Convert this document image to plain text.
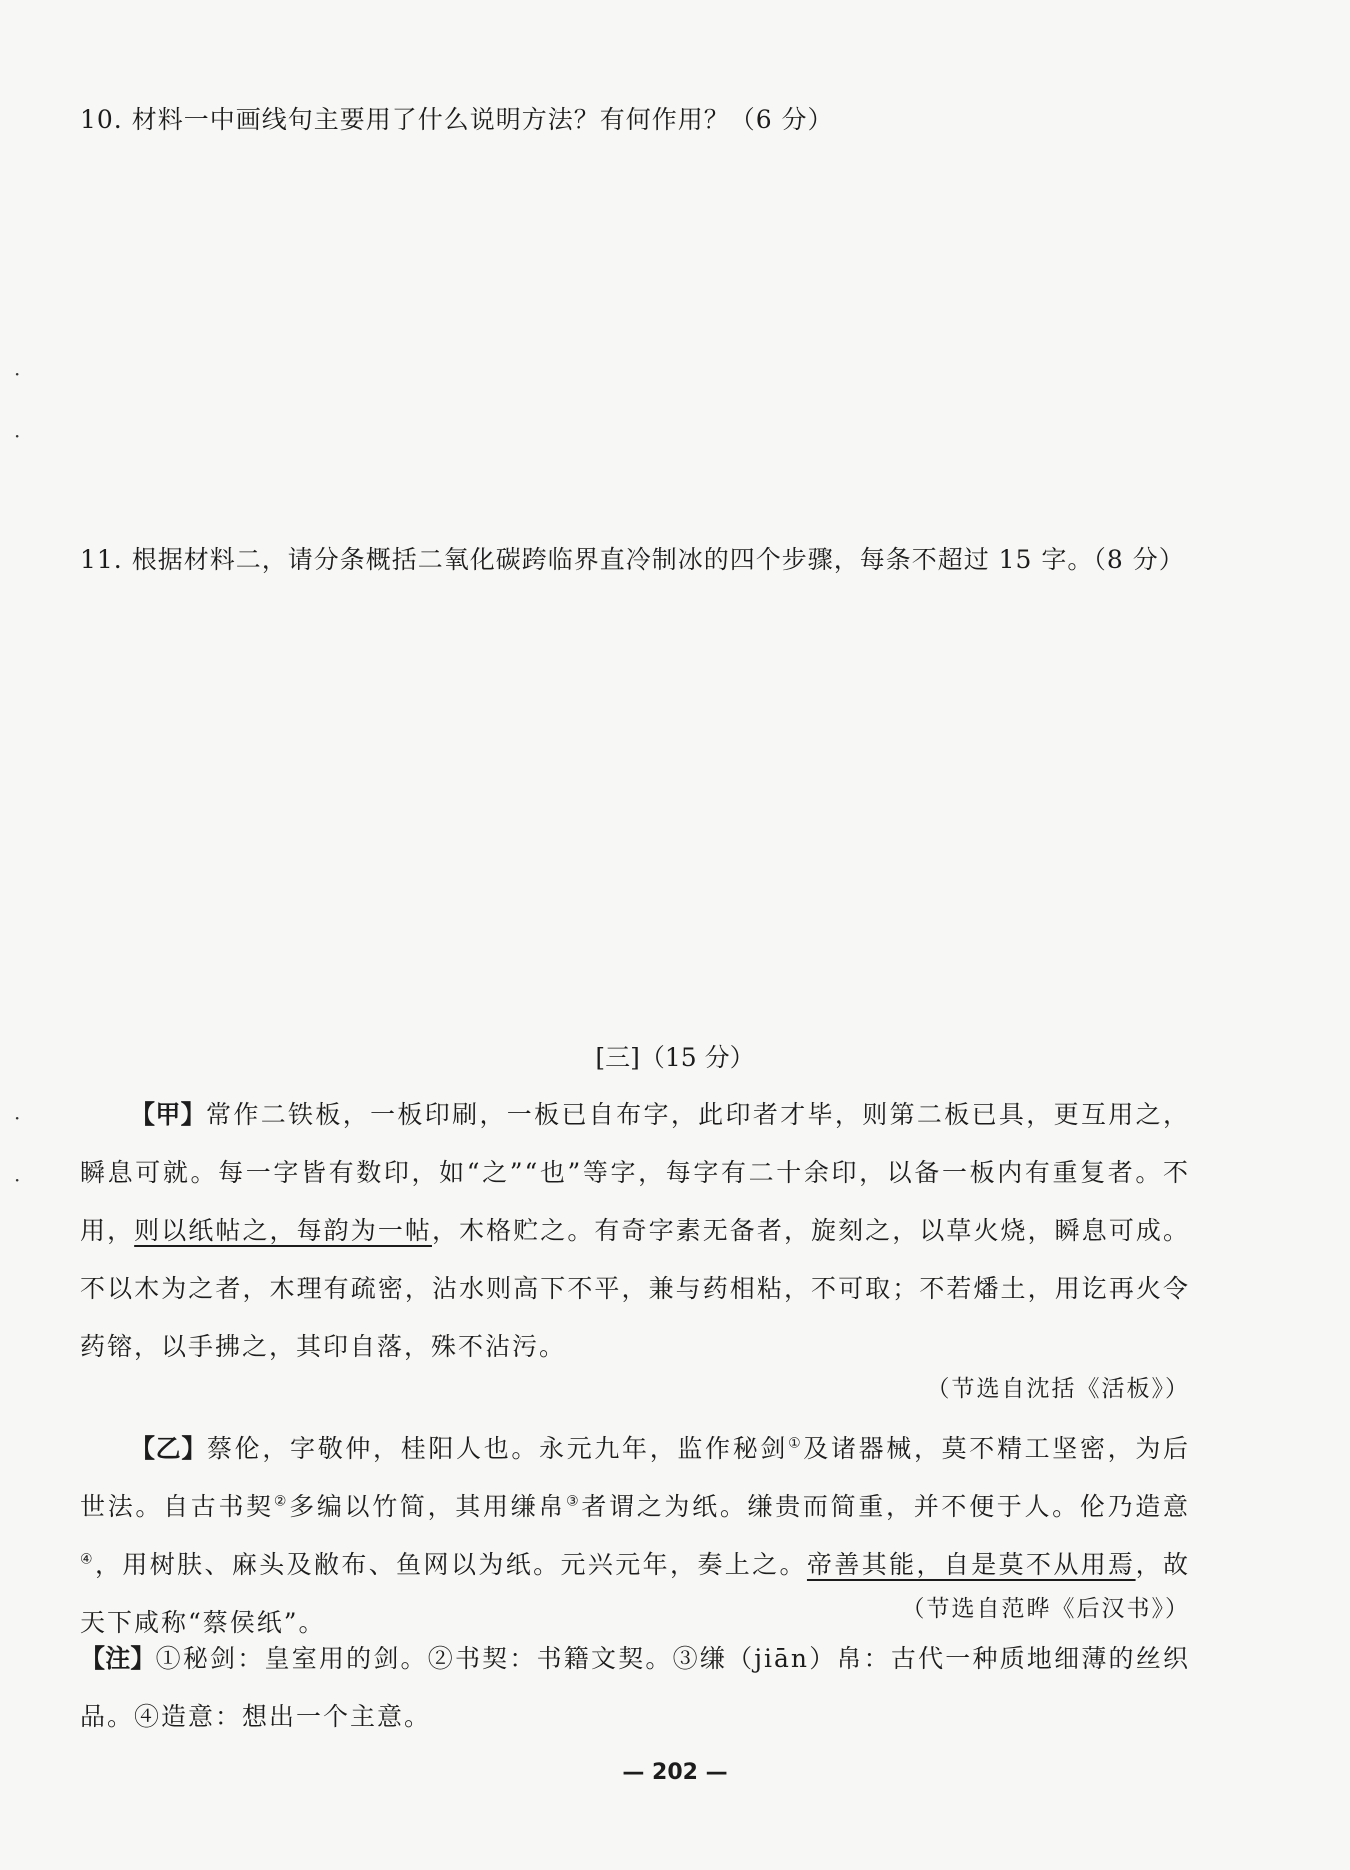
10. 材料一中画线句主要用了什么说明方法？有何作用？（6 分）
·
·
11. 根据材料二，请分条概括二氧化碳跨临界直冷制冰的四个步骤，每条不超过 15 字。（8 分）
·
·
[三]（15 分）
【甲】常作二铁板，一板印刷，一板已自布字，此印者才毕，则第二板已具，更互用之，瞬息可就。每一字皆有数印，如“之”“也”等字，每字有二十余印，以备一板内有重复者。不用，则以纸帖之，每韵为一帖，木格贮之。有奇字素无备者，旋刻之，以草火烧，瞬息可成。不以木为之者，木理有疏密，沾水则高下不平，兼与药相粘，不可取；不若燔土，用讫再火令药镕，以手拂之，其印自落，殊不沾污。
（节选自沈括《活板》）
【乙】蔡伦，字敬仲，桂阳人也。永元九年，监作秘剑①及诸器械，莫不精工坚密，为后世法。自古书契②多编以竹简，其用缣帛③者谓之为纸。缣贵而简重，并不便于人。伦乃造意④，用树肤、麻头及敝布、鱼网以为纸。元兴元年，奏上之。帝善其能，自是莫不从用焉，故天下咸称“蔡侯纸”。	（节选自范晔《后汉书》）
【注】①秘剑：皇室用的剑。②书契：书籍文契。③缣（jiān）帛：古代一种质地细薄的丝织品。④造意：想出一个主意。
— 202 —
